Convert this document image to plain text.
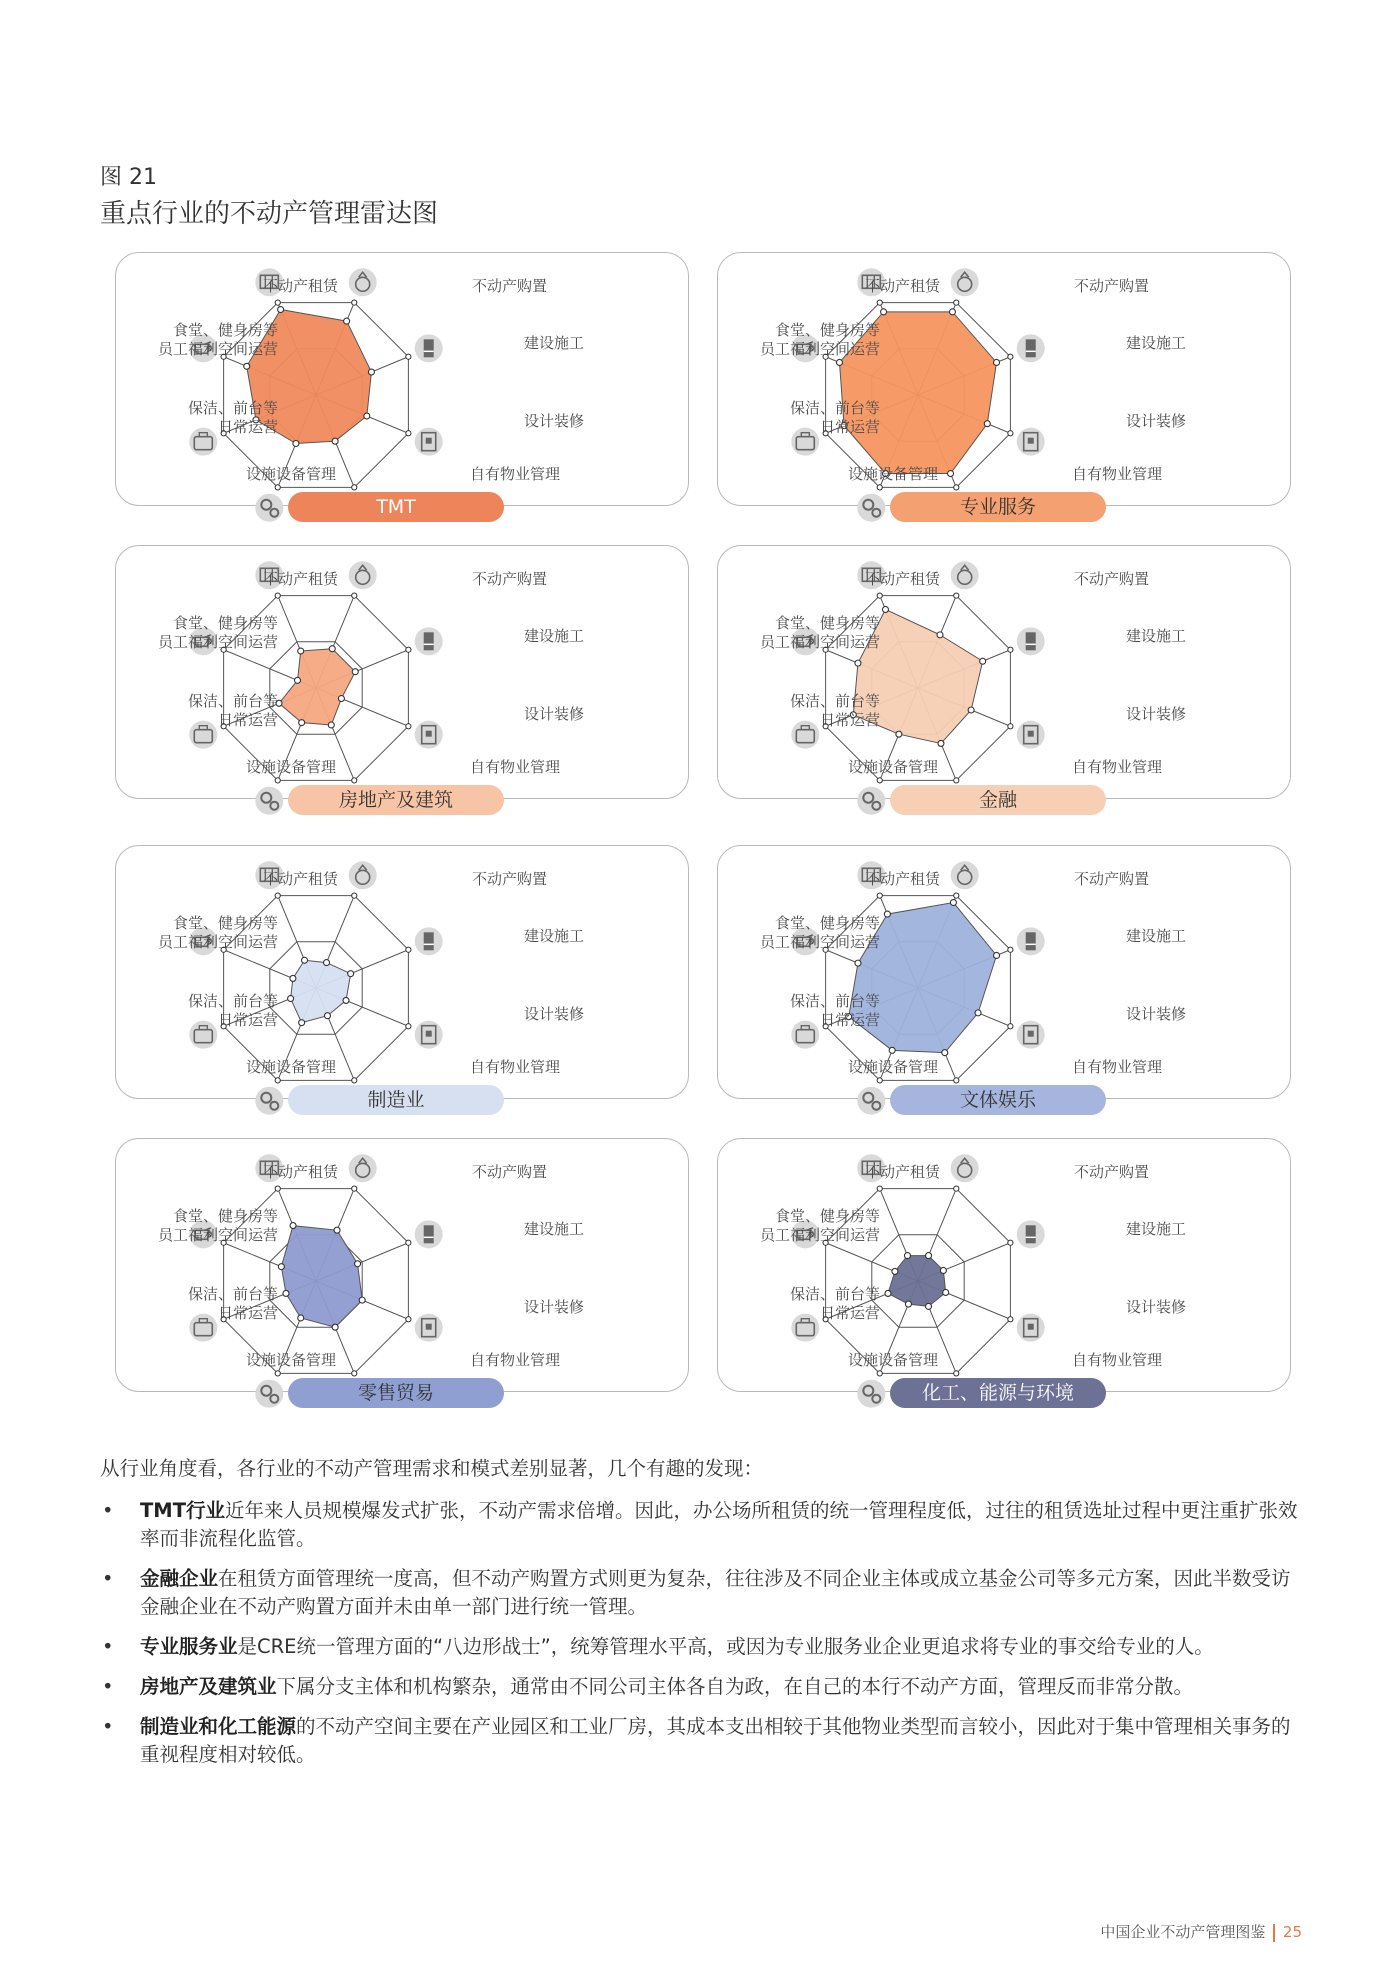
图 21
重点行业的不动产管理雷达图
不动产租赁	不动产购置
建设施工
设计装修
自有物业管理
设施设备管理
保洁、前台等日常运营
食堂、健身房等员工福利空间运营
TMT
不动产租赁	不动产购置
建设施工
设计装修
自有物业管理
设施设备管理
保洁、前台等日常运营
食堂、健身房等员工福利空间运营
专业服务
不动产租赁	不动产购置
建设施工
设计装修
自有物业管理
设施设备管理
保洁、前台等日常运营
食堂、健身房等员工福利空间运营
房地产及建筑
不动产租赁	不动产购置
建设施工
设计装修
自有物业管理
设施设备管理
保洁、前台等日常运营
食堂、健身房等员工福利空间运营
金融
不动产租赁	不动产购置
建设施工
设计装修
自有物业管理
设施设备管理
保洁、前台等日常运营
食堂、健身房等员工福利空间运营
制造业
不动产租赁	不动产购置
建设施工
设计装修
自有物业管理
设施设备管理
保洁、前台等日常运营
食堂、健身房等员工福利空间运营
文体娱乐
不动产租赁	不动产购置
建设施工
设计装修
自有物业管理
设施设备管理
保洁、前台等日常运营
食堂、健身房等员工福利空间运营
零售贸易
不动产租赁	不动产购置
建设施工
设计装修
自有物业管理
设施设备管理
保洁、前台等日常运营
食堂、健身房等员工福利空间运营
化工、能源与环境

从行业角度看，各行业的不动产管理需求和模式差别显著，几个有趣的发现：

• TMT行业近年来人员规模爆发式扩张，不动产需求倍增。因此，办公场所租赁的统一管理程度低，过往的租赁选址过程中更注重扩张效率而非流程化监管。
• 金融企业在租赁方面管理统一度高，但不动产购置方式则更为复杂，往往涉及不同企业主体或成立基金公司等多元方案，因此半数受访金融企业在不动产购置方面并未由单一部门进行统一管理。
• 专业服务业是CRE统一管理方面的“八边形战士”，统筹管理水平高，或因为专业服务业企业更追求将专业的事交给专业的人。
• 房地产及建筑业下属分支主体和机构繁杂，通常由不同公司主体各自为政，在自己的本行不动产方面，管理反而非常分散。
• 制造业和化工能源的不动产空间主要在产业园区和工业厂房，其成本支出相较于其他物业类型而言较小，因此对于集中管理相关事务的重视程度相对较低。
中国企业不动产管理图鉴 25
